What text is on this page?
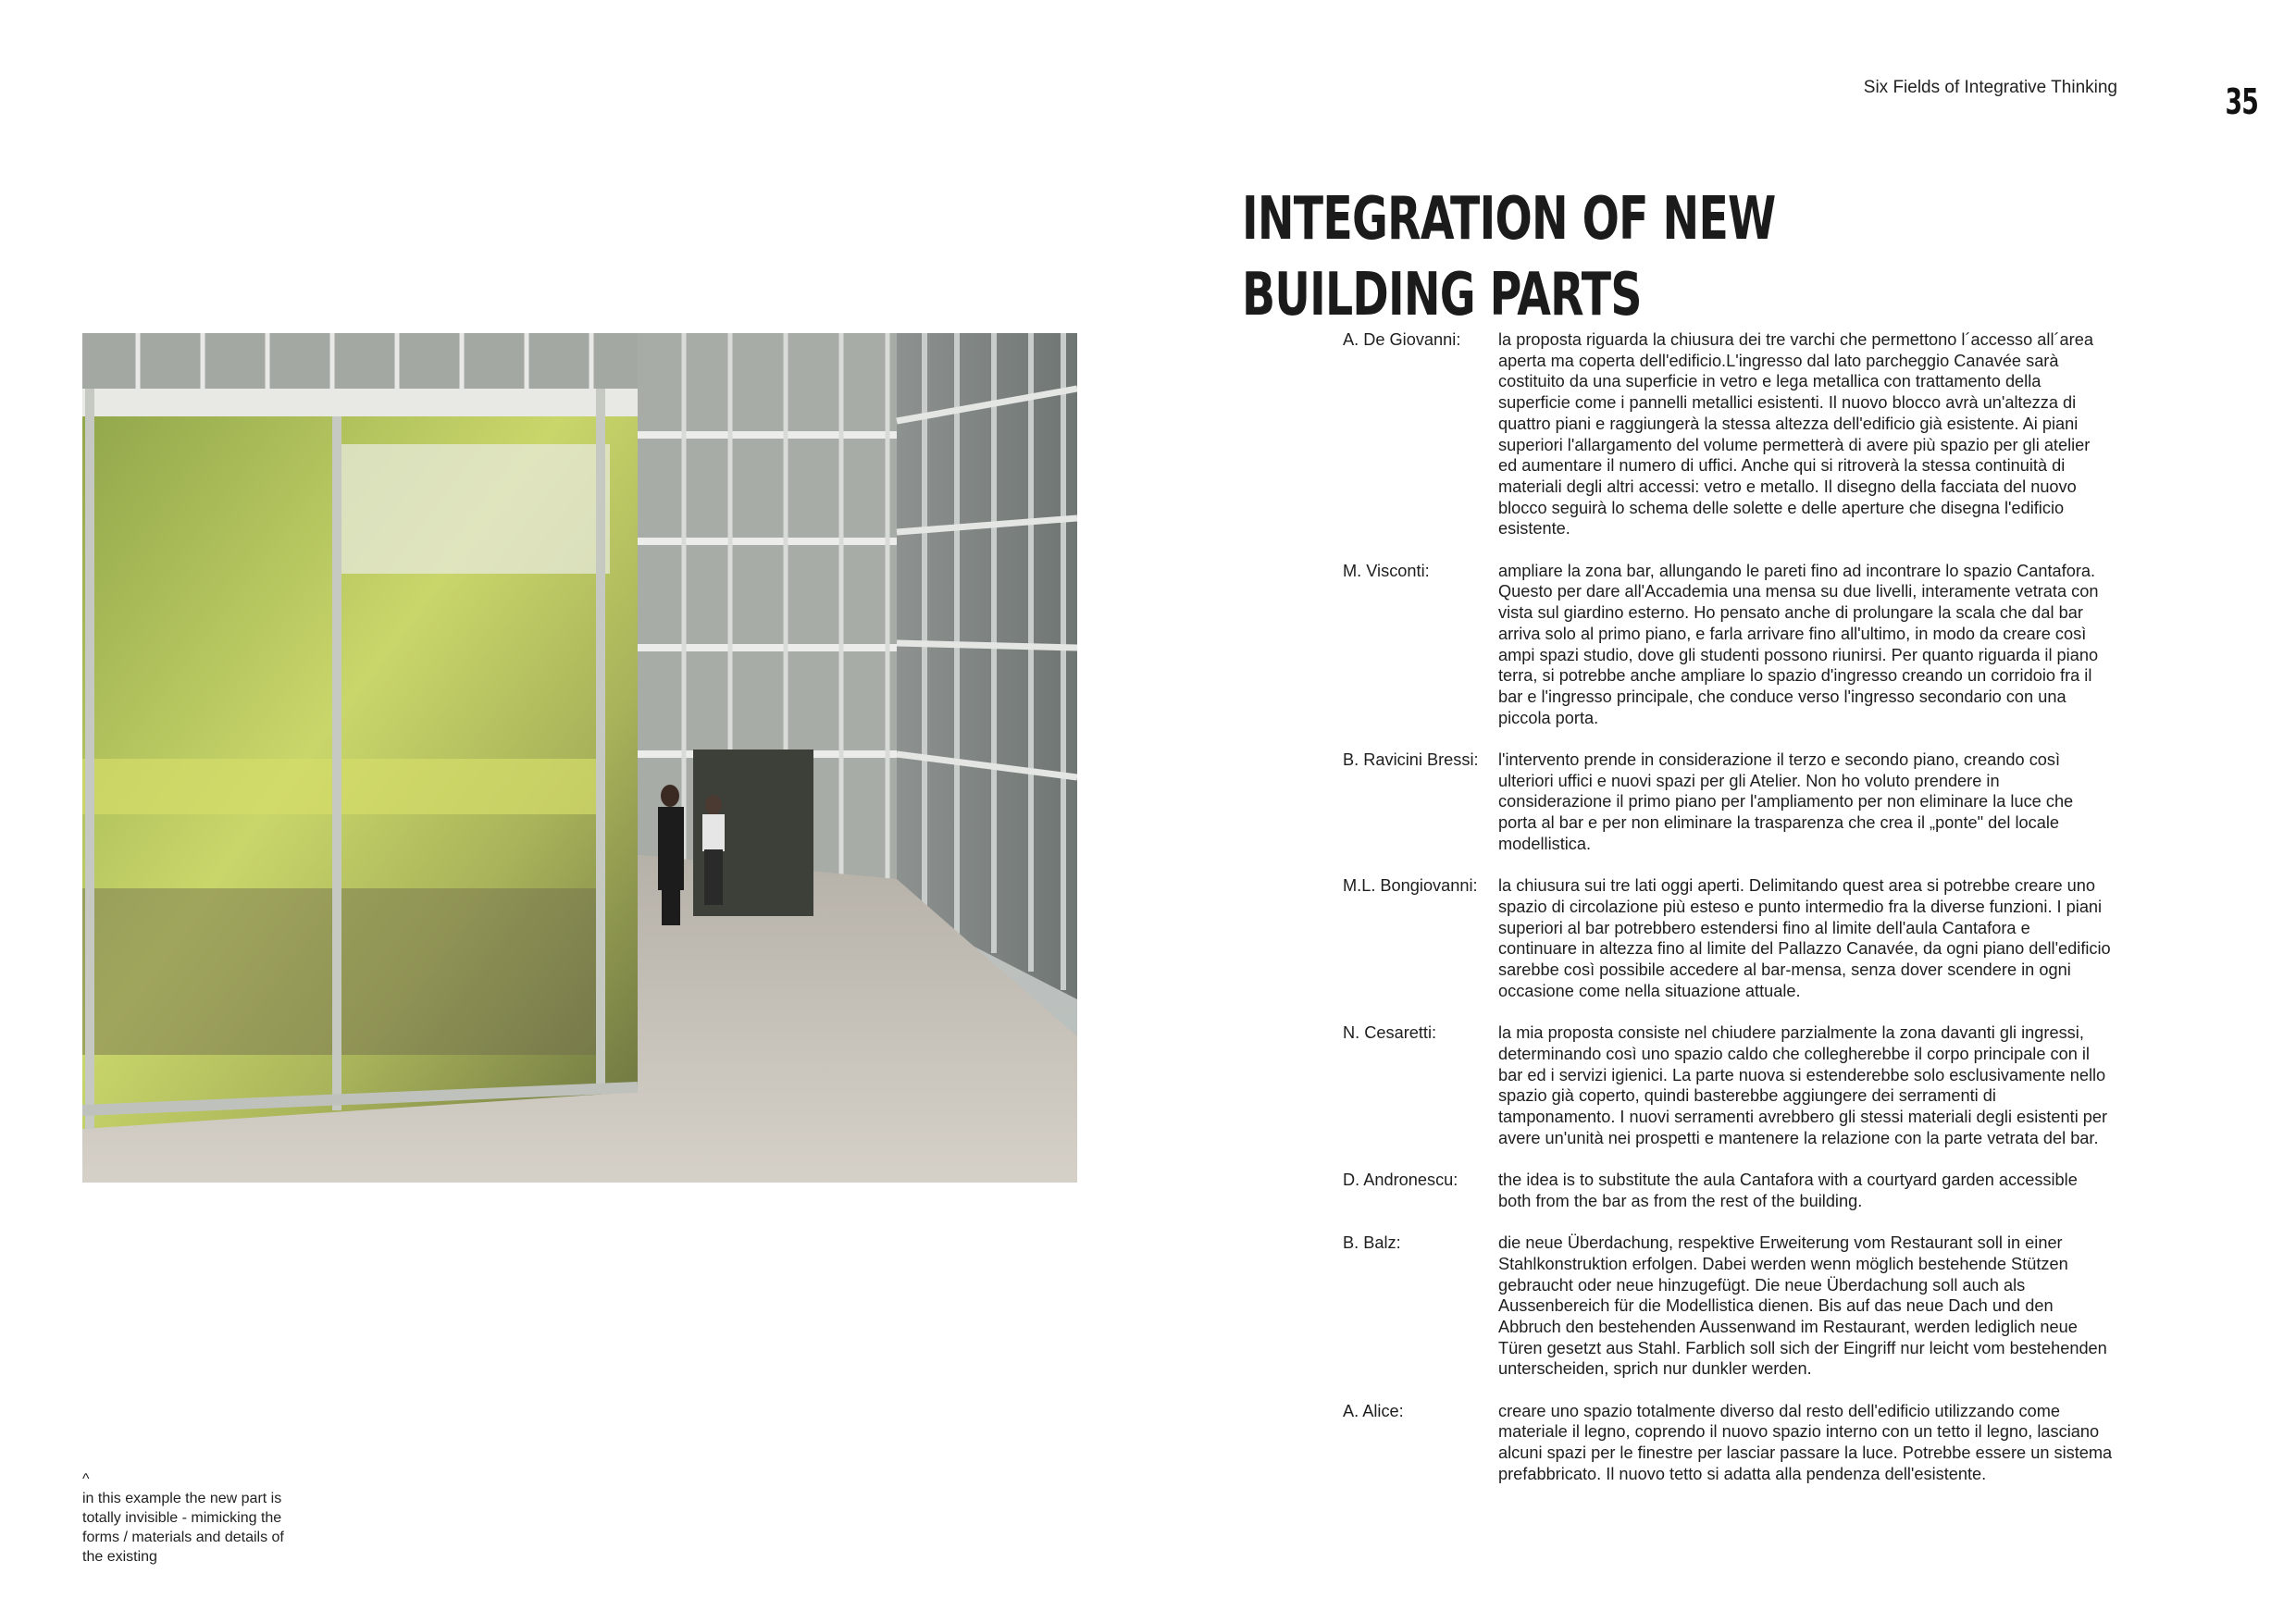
Six Fields of Integrative Thinking	35
INTEGRATION OF NEW
BUILDING PARTS
^
in this example the new part is
totally invisible - mimicking the
forms / materials and details of
the existing
A. De Giovanni:	la proposta riguarda la chiusura dei tre varchi che permettono l´accesso all´area aperta ma coperta dell'edificio.L'ingresso dal lato parcheggio Canavée sarà costituito da una superficie in vetro e lega metallica con trattamento della superficie come i pannelli metallici esistenti. Il nuovo blocco avrà un'altezza di quattro piani e raggiungerà la stessa altezza dell'edificio già esistente. Ai piani superiori l'allargamento del volume permetterà di avere più spazio per gli atelier ed aumentare il numero di uffici. Anche qui si ritroverà la stessa continuità di materiali degli altri accessi: vetro e metallo. Il disegno della facciata del nuovo blocco seguirà lo schema delle solette e delle aperture che disegna l'edificio esistente.
M. Visconti:	ampliare la zona bar, allungando le pareti fino ad incontrare lo spazio Cantafora. Questo per dare all'Accademia una mensa su due livelli, interamente vetrata con vista sul giardino esterno. Ho pensato anche di prolungare la scala che dal bar arriva solo al primo piano, e farla arrivare fino all'ultimo, in modo da creare così ampi spazi studio, dove gli studenti possono riunirsi. Per quanto riguarda il piano terra, si potrebbe anche ampliare lo spazio d'ingresso creando un corridoio fra il bar e l'ingresso principale, che conduce verso l'ingresso secondario con una piccola porta.
B. Ravicini Bressi:	l'intervento prende in considerazione il terzo e secondo piano, creando così ulteriori uffici e nuovi spazi per gli Atelier. Non ho voluto prendere in considerazione il primo piano per l'ampliamento per non eliminare la luce che porta al bar e per non eliminare la trasparenza che crea il „ponte" del locale modellistica.
M.L. Bongiovanni:	la chiusura sui tre lati oggi aperti. Delimitando quest area si potrebbe creare uno spazio di circolazione più esteso e punto intermedio fra la diverse funzioni. I piani superiori al bar potrebbero estendersi fino al limite dell'aula Cantafora e continuare in altezza fino al limite del Pallazzo Canavée, da ogni piano dell'edificio sarebbe così possibile accedere al bar-mensa, senza dover scendere in ogni occasione come nella situazione attuale.
N. Cesaretti:	la mia proposta consiste nel chiudere parzialmente la zona davanti gli ingressi, determinando così uno spazio caldo che collegherebbe il corpo principale con il bar ed i servizi igienici. La parte nuova si estenderebbe solo esclusivamente nello spazio già coperto, quindi basterebbe aggiungere dei serramenti di tamponamento. I nuovi serramenti avrebbero gli stessi materiali degli esistenti per avere un'unità nei prospetti e mantenere la relazione con la parte vetrata del bar.
D. Andronescu:	the idea is to substitute the aula Cantafora with a courtyard garden accessible both from the bar as from the rest of the building.
B. Balz:	die neue Überdachung, respektive Erweiterung vom Restaurant soll in einer Stahlkonstruktion erfolgen. Dabei werden wenn möglich bestehende Stützen gebraucht oder neue hinzugefügt. Die neue Überdachung soll auch als Aussenbereich für die Modellistica dienen. Bis auf das neue Dach und den Abbruch den bestehenden Aussenwand im Restaurant, werden lediglich neue Türen gesetzt aus Stahl. Farblich soll sich der Eingriff nur leicht vom bestehenden unterscheiden, sprich nur dunkler werden.
A. Alice:	creare uno spazio totalmente diverso dal resto dell'edificio utilizzando come materiale il legno, coprendo il nuovo spazio interno con un tetto il legno, lasciano alcuni spazi per le finestre per lasciar passare la luce. Potrebbe essere un sistema prefabbricato. Il nuovo tetto si adatta alla pendenza dell'esistente.
